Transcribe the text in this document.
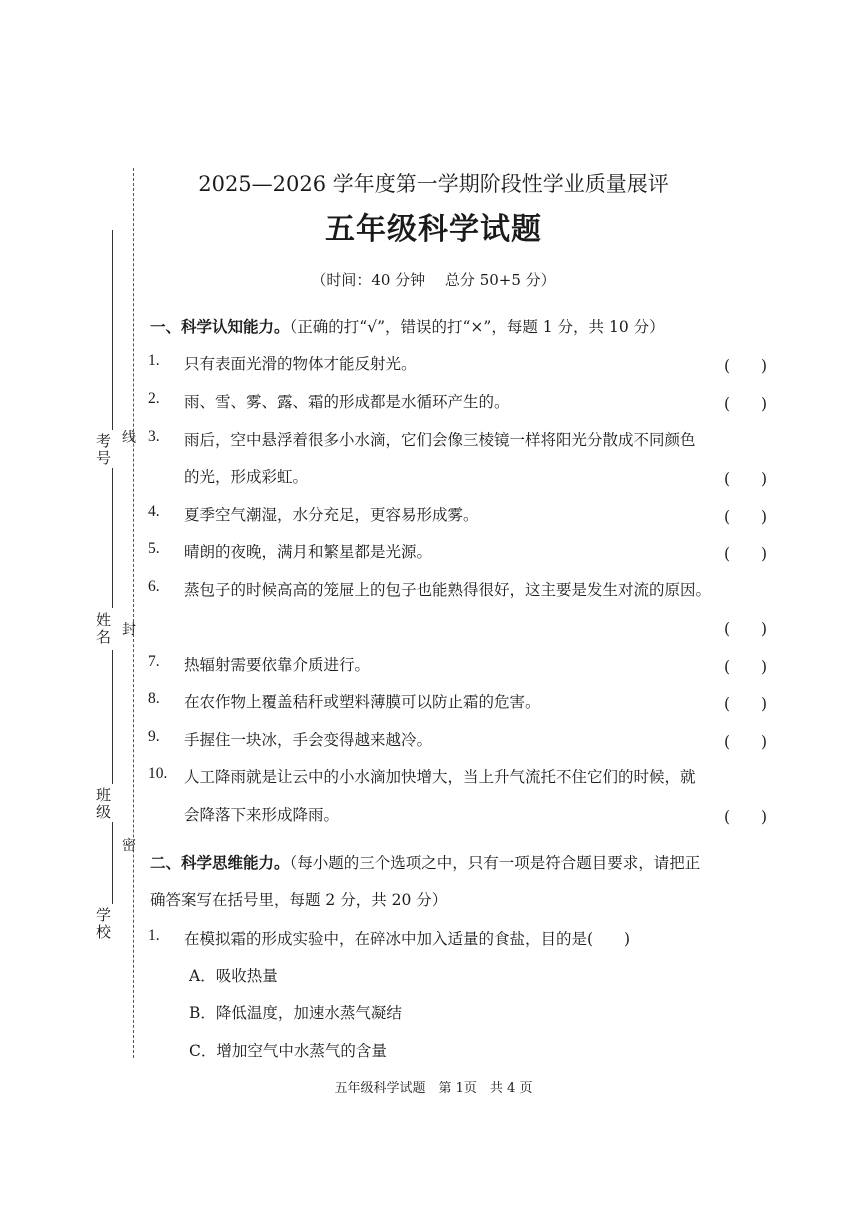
考号
姓名
班级
学校
线
封
密
2025—2026 学年度第一学期阶段性学业质量展评
五年级科学试题
（时间：40 分钟　 总分 50+5 分）
一、科学认知能力。（正确的打“√”，错误的打“×”，每题 1 分，共 10 分）
1. 只有表面光滑的物体才能反射光。	(　　)
2. 雨、雪、雾、露、霜的形成都是水循环产生的。	(　　)
3. 雨后，空中悬浮着很多小水滴，它们会像三棱镜一样将阳光分散成不同颜色
的光，形成彩虹。	(　　)
4. 夏季空气潮湿，水分充足，更容易形成雾。	(　　)
5. 晴朗的夜晚，满月和繁星都是光源。	(　　)
6. 蒸包子的时候高高的笼屉上的包子也能熟得很好，这主要是发生对流的原因。
(　　)
7. 热辐射需要依靠介质进行。	(　　)
8. 在农作物上覆盖秸秆或塑料薄膜可以防止霜的危害。	(　　)
9. 手握住一块冰，手会变得越来越冷。	(　　)
10. 人工降雨就是让云中的小水滴加快增大，当上升气流托不住它们的时候，就
会降落下来形成降雨。	(　　)
二、科学思维能力。（每小题的三个选项之中，只有一项是符合题目要求，请把正
确答案写在括号里，每题 2 分，共 20 分）
1. 在模拟霜的形成实验中，在碎冰中加入适量的食盐，目的是(　　)
A．吸收热量
B．降低温度，加速水蒸气凝结
C．增加空气中水蒸气的含量
五年级科学试题　第 1页　共 4 页
